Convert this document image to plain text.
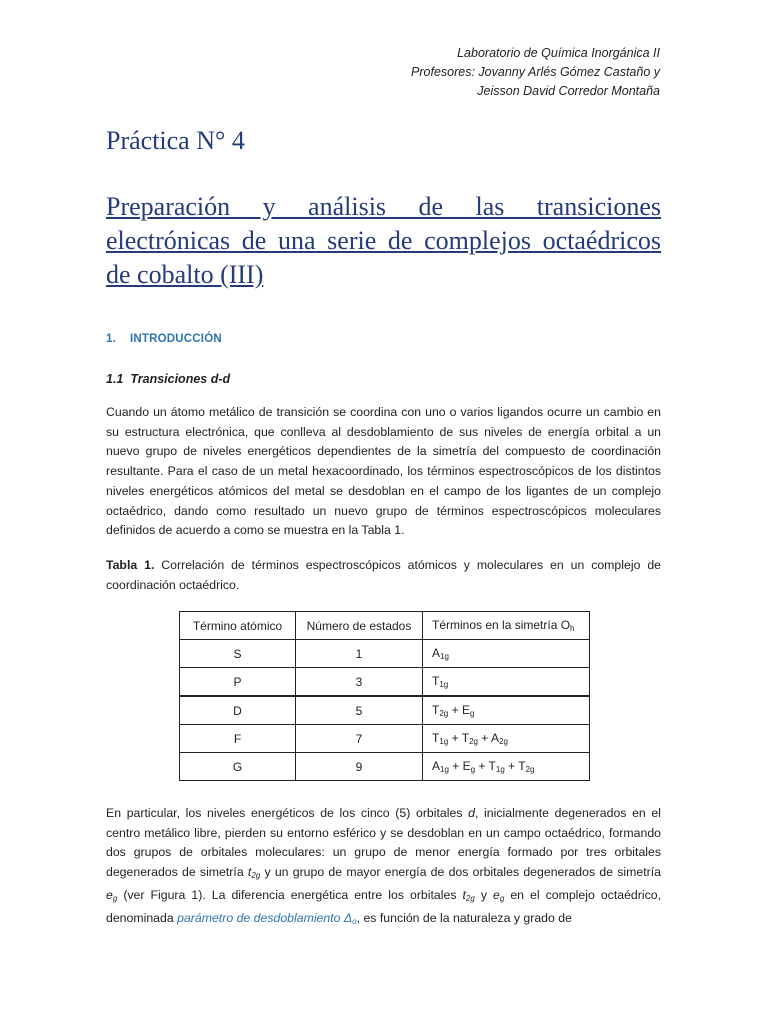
Laboratorio de Química Inorgánica II
Profesores: Jovanny Arlés Gómez Castaño y
Jeisson David Corredor Montaña
Práctica N° 4
Preparación y análisis de las transiciones electrónicas de una serie de complejos octaédricos de cobalto (III)
1. INTRODUCCIÓN
1.1 Transiciones d-d
Cuando un átomo metálico de transición se coordina con uno o varios ligandos ocurre un cambio en su estructura electrónica, que conlleva al desdoblamiento de sus niveles de energía orbital a un nuevo grupo de niveles energéticos dependientes de la simetría del compuesto de coordinación resultante. Para el caso de un metal hexacoordinado, los términos espectroscópicos de los distintos niveles energéticos atómicos del metal se desdoblan en el campo de los ligantes de un complejo octaédrico, dando como resultado un nuevo grupo de términos espectroscópicos moleculares definidos de acuerdo a como se muestra en la Tabla 1.
Tabla 1. Correlación de términos espectroscópicos atómicos y moleculares en un complejo de coordinación octaédrico.
Término atómico	Número de estados	Términos en la simetría $O_h$
S	1	$A_{1g}$
P	3	$T_{1g}$
D	5	$T_{2g} + E_g$
F	7	$T_{1g} + T_{2g} + A_{2g}$
G	9	$A_{1g} + E_g + T_{1g} + T_{2g}$
En particular, los niveles energéticos de los cinco (5) orbitales d, inicialmente degenerados en el centro metálico libre, pierden su entorno esférico y se desdoblan en un campo octaédrico, formando dos grupos de orbitales moleculares: un grupo de menor energía formado por tres orbitales degenerados de simetría $t_{2g}$ y un grupo de mayor energía de dos orbitales degenerados de simetría $e_g$ (ver Figura 1). La diferencia energética entre los orbitales $t_{2g}$ y $e_g$ en el complejo octaédrico, denominada parámetro de desdoblamiento $\Delta_o$, es función de la naturaleza y grado de
